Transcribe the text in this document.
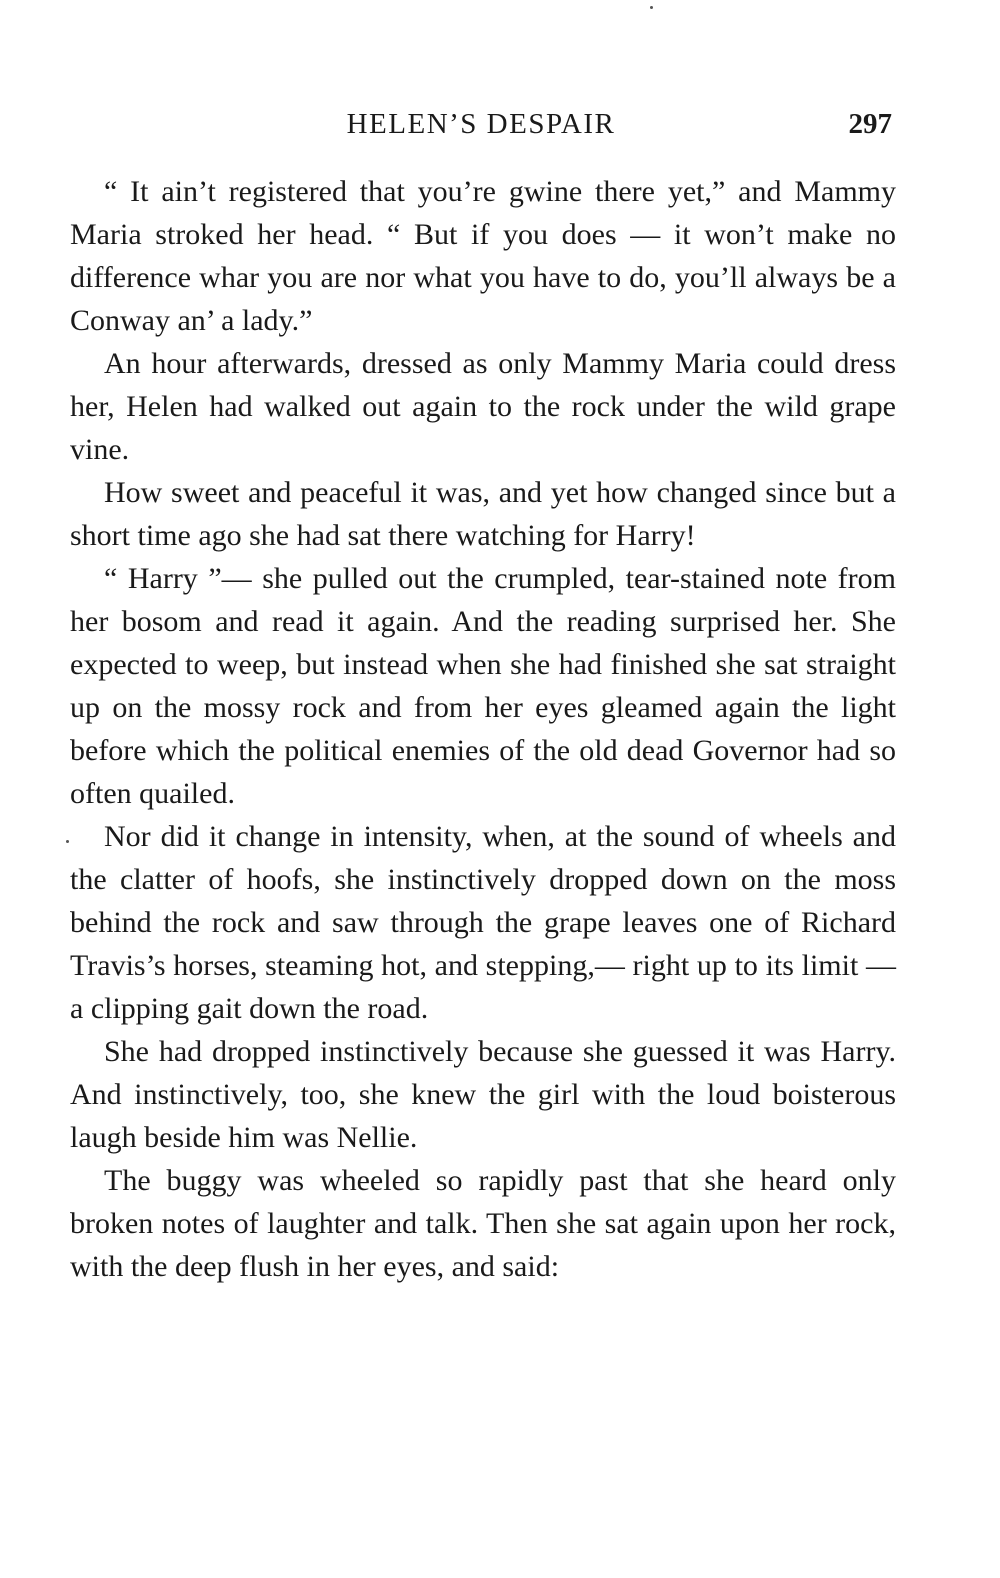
HELEN’S DESPAIR	297

“ It ain’t registered that you’re gwine there yet,” and Mammy Maria stroked her head. “ But if you does — it won’t make no difference whar you are nor what you have to do, you’ll always be a Conway an’ a lady.”

An hour afterwards, dressed as only Mammy Maria could dress her, Helen had walked out again to the rock under the wild grape vine.

How sweet and peaceful it was, and yet how changed since but a short time ago she had sat there watching for Harry!

“ Harry ”— she pulled out the crumpled, tear-stained note from her bosom and read it again. And the reading surprised her. She expected to weep, but instead when she had finished she sat straight up on the mossy rock and from her eyes gleamed again the light before which the political enemies of the old dead Governor had so often quailed.

Nor did it change in intensity, when, at the sound of wheels and the clatter of hoofs, she instinctively dropped down on the moss behind the rock and saw through the grape leaves one of Richard Travis’s horses, steaming hot, and stepping,— right up to its limit — a clipping gait down the road.

She had dropped instinctively because she guessed it was Harry. And instinctively, too, she knew the girl with the loud boisterous laugh beside him was Nellie.

The buggy was wheeled so rapidly past that she heard only broken notes of laughter and talk. Then she sat again upon her rock, with the deep flush in her eyes, and said:
